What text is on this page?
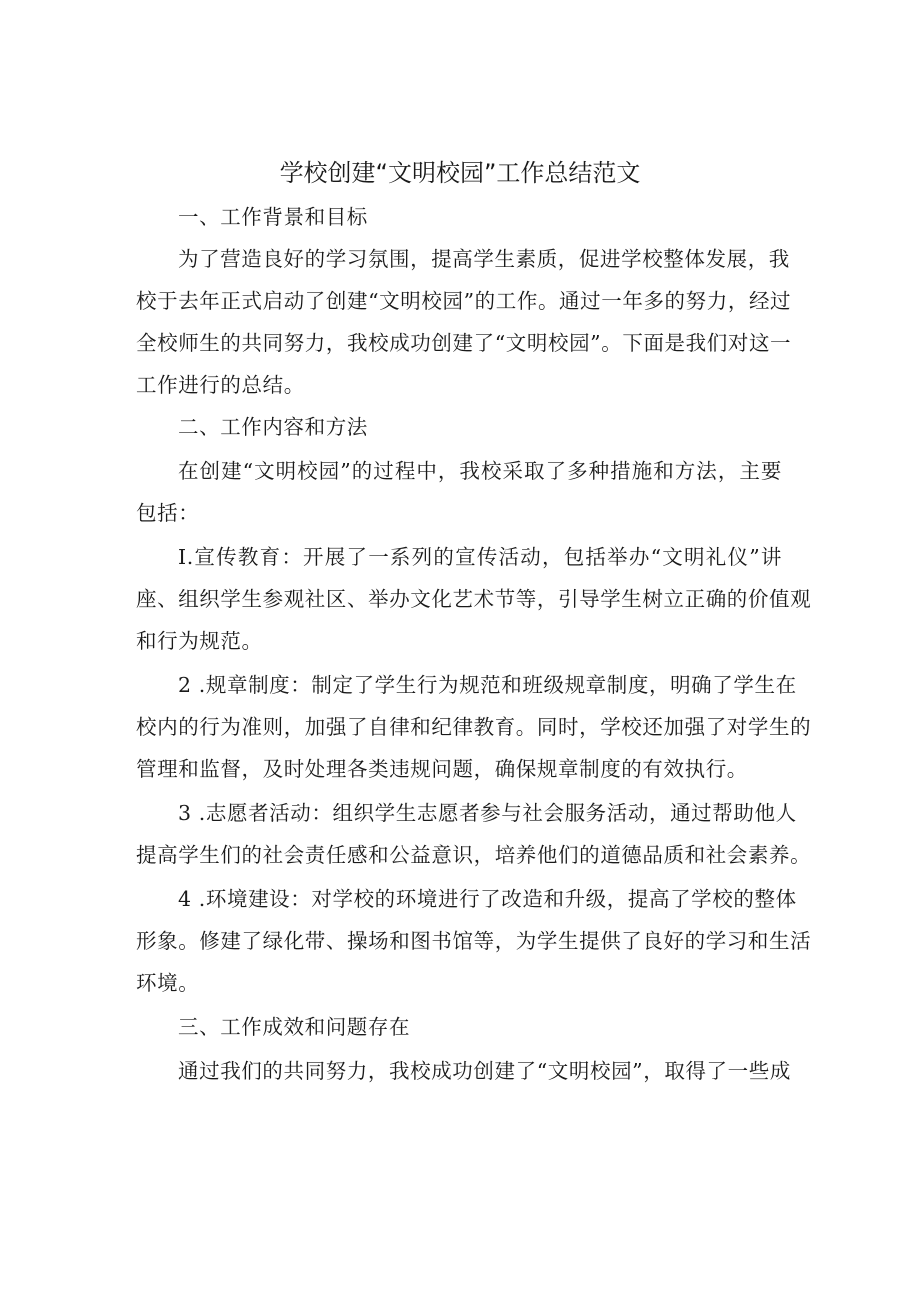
学校创建“文明校园”工作总结范文
一、工作背景和目标
为了营造良好的学习氛围，提高学生素质，促进学校整体发展，我
校于去年正式启动了创建“文明校园”的工作。通过一年多的努力，经过
全校师生的共同努力，我校成功创建了“文明校园”。下面是我们对这一
工作进行的总结。
二、工作内容和方法
在创建“文明校园”的过程中，我校采取了多种措施和方法，主要
包括：
I.宣传教育：开展了一系列的宣传活动，包括举办“文明礼仪”讲
座、组织学生参观社区、举办文化艺术节等，引导学生树立正确的价值观
和行为规范。
2 .规章制度：制定了学生行为规范和班级规章制度，明确了学生在
校内的行为准则，加强了自律和纪律教育。同时，学校还加强了对学生的
管理和监督，及时处理各类违规问题，确保规章制度的有效执行。
3 .志愿者活动：组织学生志愿者参与社会服务活动，通过帮助他人
提高学生们的社会责任感和公益意识，培养他们的道德品质和社会素养。
4 .环境建设：对学校的环境进行了改造和升级，提高了学校的整体
形象。修建了绿化带、操场和图书馆等，为学生提供了良好的学习和生活
环境。
三、工作成效和问题存在
通过我们的共同努力，我校成功创建了“文明校园”，取得了一些成
